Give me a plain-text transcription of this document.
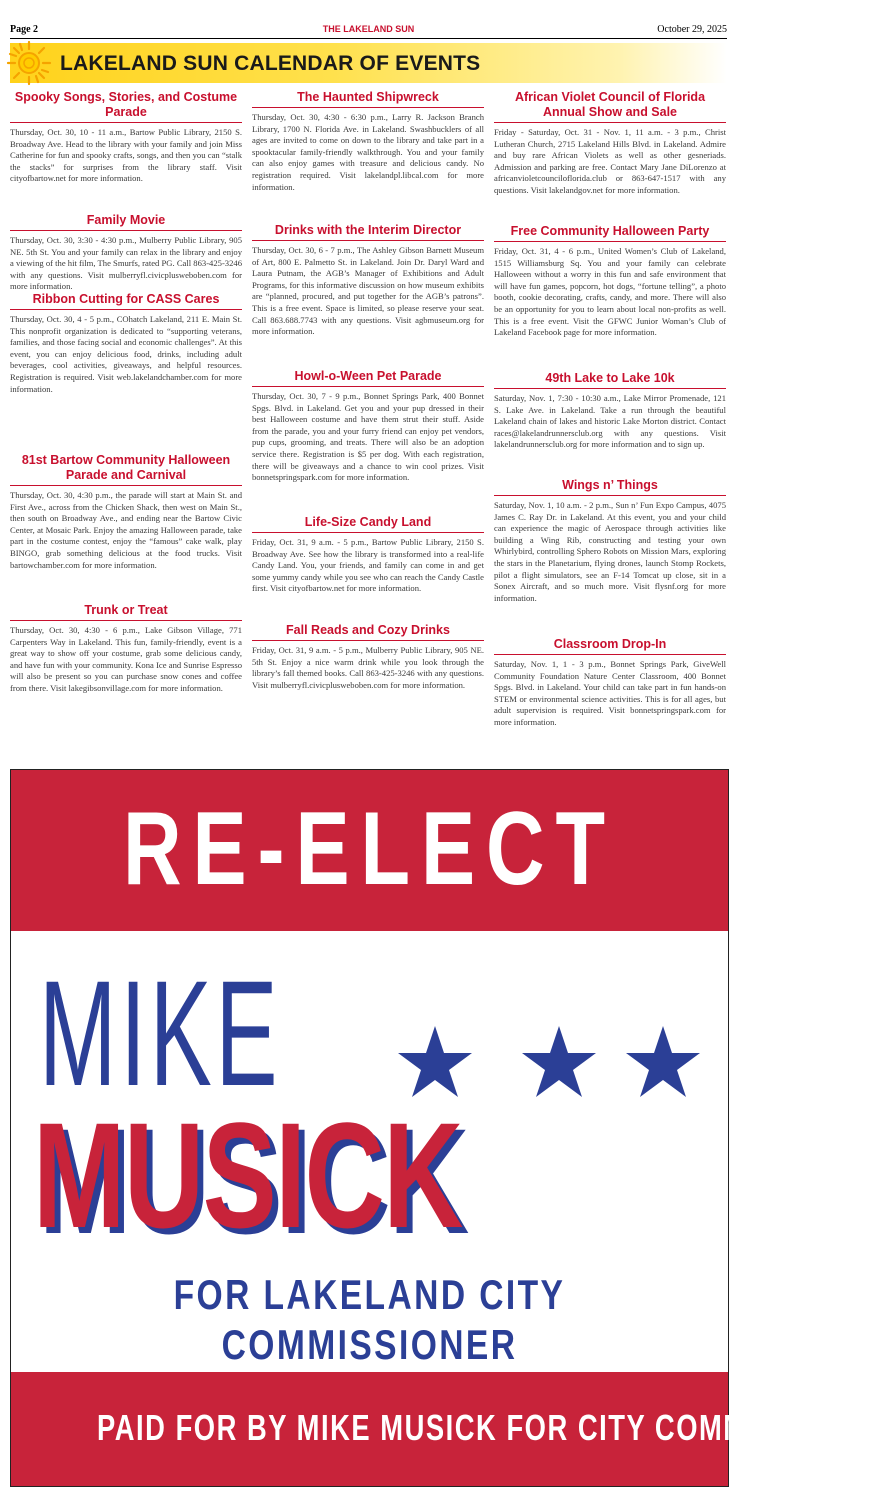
Page 2	THE LAKELAND SUN	October 29, 2025
LAKELAND SUN CALENDAR OF EVENTS
Spooky Songs, Stories, and Costume Parade

Thursday, Oct. 30, 10 - 11 a.m., Bartow Public Library, 2150 S. Broadway Ave. Head to the library with your family and join Miss Catherine for fun and spooky crafts, songs, and then you can “stalk the stacks” for surprises from the library staff. Visit cityofbartow.net for more information.

Family Movie

Thursday, Oct. 30, 3:30 - 4:30 p.m., Mulberry Public Library, 905 NE. 5th St. You and your family can relax in the library and enjoy a viewing of the hit film, The Smurfs, rated PG. Call 863-425-3246 with any questions. Visit mulberryfl.civicplusweboben.com for more information.

Ribbon Cutting for CASS Cares

Thursday, Oct. 30, 4 - 5 p.m., COhatch Lakeland, 211 E. Main St. This nonprofit organization is dedicated to “supporting veterans, families, and those facing social and economic challenges”. At this event, you can enjoy delicious food, drinks, including adult beverages, cool activities, giveaways, and helpful resources. Registration is required. Visit web.lakelandchamber.com for more information.

81st Bartow Community Halloween Parade and Carnival

Thursday, Oct. 30, 4:30 p.m., the parade will start at Main St. and First Ave., across from the Chicken Shack, then west on Main St., then south on Broadway Ave., and ending near the Bartow Civic Center, at Mosaic Park. Enjoy the amazing Halloween parade, take part in the costume contest, enjoy the “famous” cake walk, play BINGO, grab something delicious at the food trucks. Visit bartowchamber.com for more information.

Trunk or Treat

Thursday, Oct. 30, 4:30 - 6 p.m., Lake Gibson Village, 771 Carpenters Way in Lakeland. This fun, family-friendly, event is a great way to show off your costume, grab some delicious candy, and have fun with your community. Kona Ice and Sunrise Espresso will also be present so you can purchase snow cones and coffee from there. Visit lakegibsonvillage.com for more information.

The Haunted Shipwreck

Thursday, Oct. 30, 4:30 - 6:30 p.m., Larry R. Jackson Branch Library, 1700 N. Florida Ave. in Lakeland. Swashbucklers of all ages are invited to come on down to the library and take part in a spooktacular family-friendly walkthrough. You and your family can also enjoy games with treasure and delicious candy. No registration required. Visit lakelandpl.libcal.com for more information.

Drinks with the Interim Director

Thursday, Oct. 30, 6 - 7 p.m., The Ashley Gibson Barnett Museum of Art, 800 E. Palmetto St. in Lakeland. Join Dr. Daryl Ward and Laura Putnam, the AGB’s Manager of Exhibitions and Adult Programs, for this informative discussion on how museum exhibits are “planned, procured, and put together for the AGB’s patrons”. This is a free event. Space is limited, so please reserve your seat. Call 863.688.7743 with any questions. Visit agbmuseum.org for more information.

Howl-o-Ween Pet Parade

Thursday, Oct. 30, 7 - 9 p.m., Bonnet Springs Park, 400 Bonnet Spgs. Blvd. in Lakeland. Get you and your pup dressed in their best Halloween costume and have them strut their stuff. Aside from the parade, you and your furry friend can enjoy pet vendors, pup cups, grooming, and treats. There will also be an adoption service there. Registration is $5 per dog. With each registration, there will be giveaways and a chance to win cool prizes. Visit bonnetspringspark.com for more information.

Life-Size Candy Land

Friday, Oct. 31, 9 a.m. - 5 p.m., Bartow Public Library, 2150 S. Broadway Ave. See how the library is transformed into a real-life Candy Land. You, your friends, and family can come in and get some yummy candy while you see who can reach the Candy Castle first. Visit cityofbartow.net for more information.

Fall Reads and Cozy Drinks

Friday, Oct. 31, 9 a.m. - 5 p.m., Mulberry Public Library, 905 NE. 5th St. Enjoy a nice warm drink while you look through the library’s fall themed books. Call 863-425-3246 with any questions. Visit mulberryfl.civicplusweboben.com for more information.

African Violet Council of Florida Annual Show and Sale

Friday - Saturday, Oct. 31 - Nov. 1, 11 a.m. - 3 p.m., Christ Lutheran Church, 2715 Lakeland Hills Blvd. in Lakeland. Admire and buy rare African Violets as well as other gesneriads. Admission and parking are free. Contact Mary Jane DiLorenzo at africanvioletcounciloflorida.club or 863-647-1517 with any questions. Visit lakelandgov.net for more information.

Free Community Halloween Party

Friday, Oct. 31, 4 - 6 p.m., United Women’s Club of Lakeland, 1515 Williamsburg Sq. You and your family can celebrate Halloween without a worry in this fun and safe environment that will have fun games, popcorn, hot dogs, “fortune telling”, a photo booth, cookie decorating, crafts, candy, and more. There will also be an opportunity for you to learn about local non-profits as well. This is a free event. Visit the GFWC Junior Woman’s Club of Lakeland Facebook page for more information.

49th Lake to Lake 10k

Saturday, Nov. 1, 7:30 - 10:30 a.m., Lake Mirror Promenade, 121 S. Lake Ave. in Lakeland. Take a run through the beautiful Lakeland chain of lakes and historic Lake Morton district. Contact races@lakelandrunnersclub.org with any questions. Visit lakelandrunnersclub.org for more information and to sign up.

Wings n’ Things

Saturday, Nov. 1, 10 a.m. - 2 p.m., Sun n’ Fun Expo Campus, 4075 James C. Ray Dr. in Lakeland. At this event, you and your child can experience the magic of Aerospace through activities like building a Wing Rib, constructing and testing your own Whirlybird, controlling Sphero Robots on Mission Mars, exploring the stars in the Planetarium, flying drones, launch Stomp Rockets, pilot a flight simulators, see an F-14 Tomcat up close, sit in a Sonex Aircraft, and so much more. Visit flysnf.org for more information.

Classroom Drop-In

Saturday, Nov. 1, 1 - 3 p.m., Bonnet Springs Park, GiveWell Community Foundation Nature Center Classroom, 400 Bonnet Spgs. Blvd. in Lakeland. Your child can take part in fun hands-on STEM or environmental science activities. This is for all ages, but adult supervision is required. Visit bonnetspringspark.com for more information.

RE-ELECT
MIKE
MUSICK
FOR LAKELAND CITY COMMISSIONER
PAID FOR BY MIKE MUSICK FOR CITY COMMISSIONER
